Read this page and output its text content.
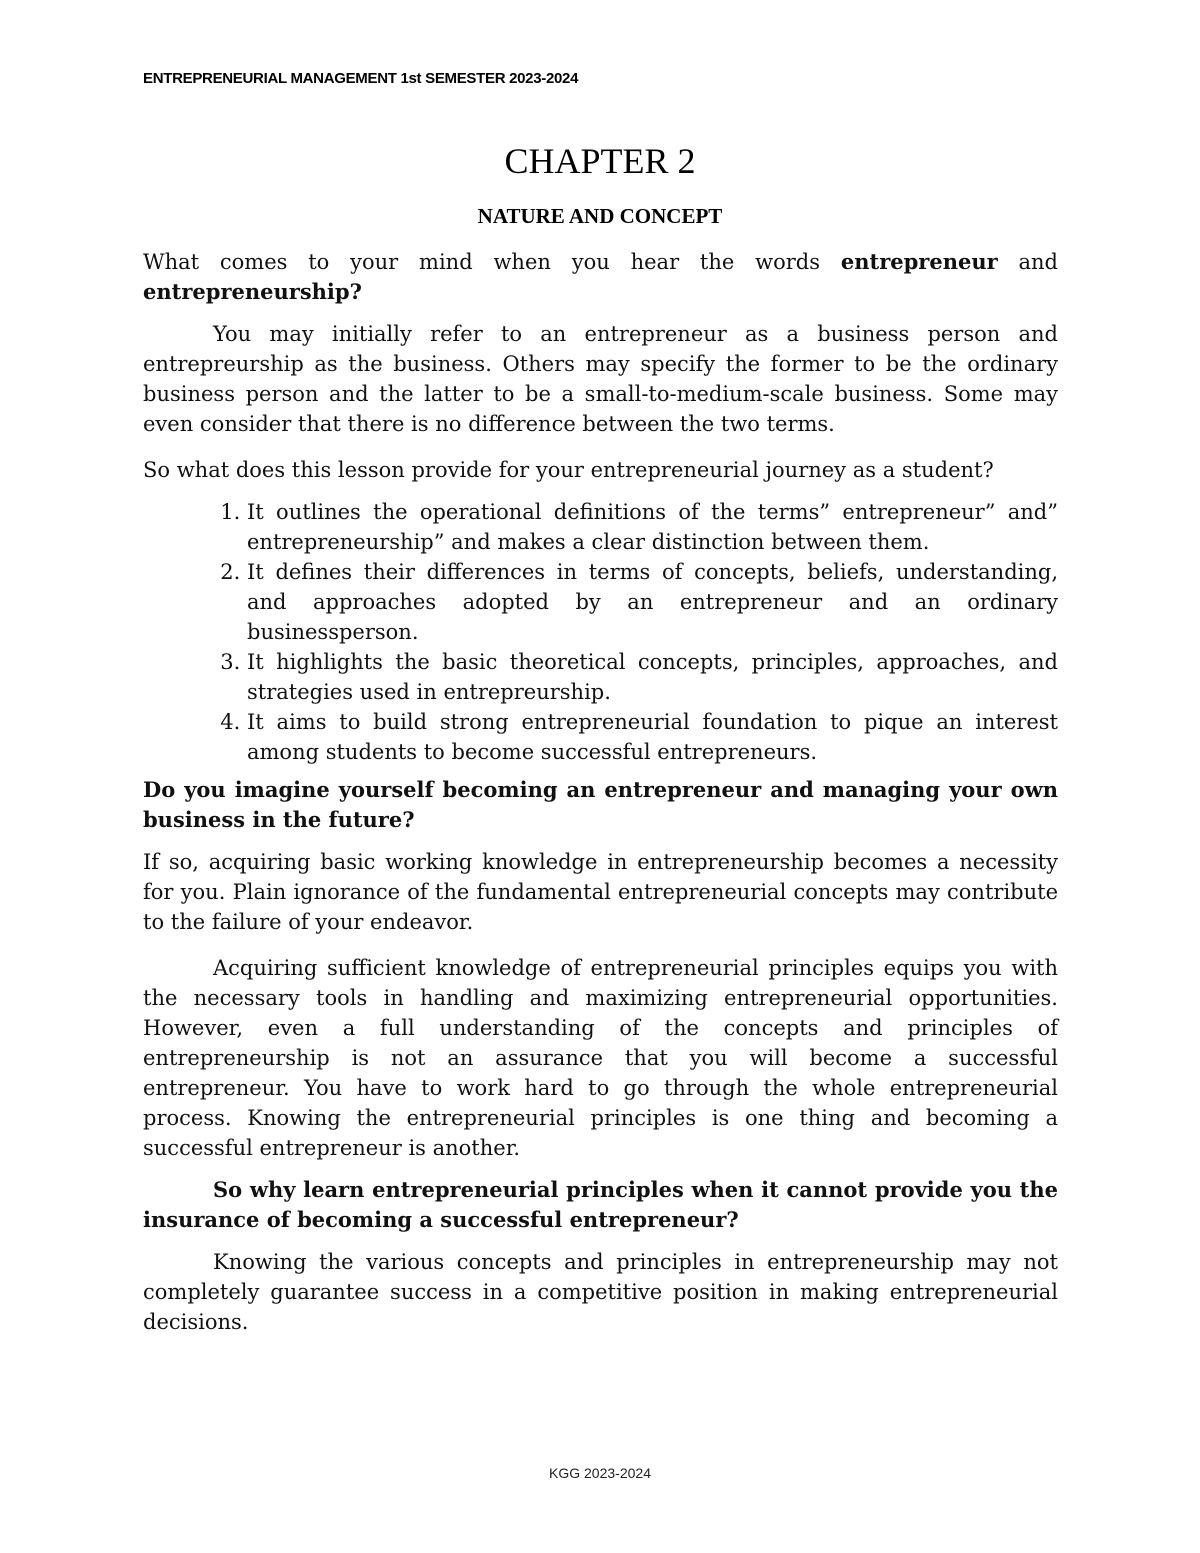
ENTREPRENEURIAL MANAGEMENT 1st SEMESTER 2023-2024
CHAPTER 2
NATURE AND CONCEPT

What comes to your mind when you hear the words entrepreneur and entrepreneurship?

You may initially refer to an entrepreneur as a business person and entrepreurship as the business. Others may specify the former to be the ordinary business person and the latter to be a small-to-medium-scale business. Some may even consider that there is no difference between the two terms.

So what does this lesson provide for your entrepreneurial journey as a student?

1. It outlines the operational definitions of the terms” entrepreneur” and” entrepreneurship” and makes a clear distinction between them.
2. It defines their differences in terms of concepts, beliefs, understanding, and approaches adopted by an entrepreneur and an ordinary businessperson.
3. It highlights the basic theoretical concepts, principles, approaches, and strategies used in entrepreurship.
4. It aims to build strong entrepreneurial foundation to pique an interest among students to become successful entrepreneurs.

Do you imagine yourself becoming an entrepreneur and managing your own business in the future?

If so, acquiring basic working knowledge in entrepreneurship becomes a necessity for you. Plain ignorance of the fundamental entrepreneurial concepts may contribute to the failure of your endeavor.

Acquiring sufficient knowledge of entrepreneurial principles equips you with the necessary tools in handling and maximizing entrepreneurial opportunities. However, even a full understanding of the concepts and principles of entrepreneurship is not an assurance that you will become a successful entrepreneur. You have to work hard to go through the whole entrepreneurial process. Knowing the entrepreneurial principles is one thing and becoming a successful entrepreneur is another.

So why learn entrepreneurial principles when it cannot provide you the insurance of becoming a successful entrepreneur?

Knowing the various concepts and principles in entrepreneurship may not completely guarantee success in a competitive position in making entrepreneurial decisions.

KGG 2023-2024
